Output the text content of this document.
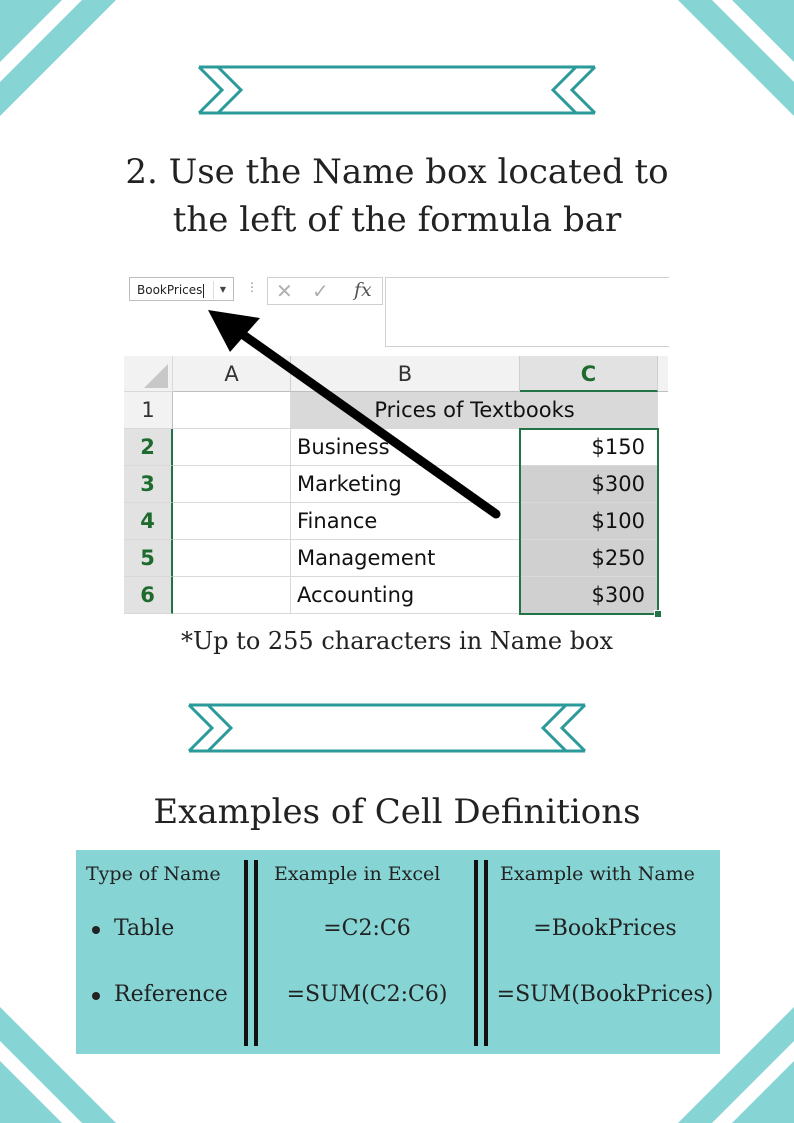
2. Use the Name box located to
the left of the formula bar
BookPrices	▼	⋮ ✕ ✓ fx
A	B	C
1	Prices of Textbooks
2	Business	$150
3	Marketing	$300
4	Finance	$100
5	Management	$250
6	Accounting	$300
*Up to 255 characters in Name box
Examples of Cell Definitions
Type of Name	Example in Excel	Example with Name
Table	=C2:C6	=BookPrices
Reference	=SUM(C2:C6)	=SUM(BookPrices)
